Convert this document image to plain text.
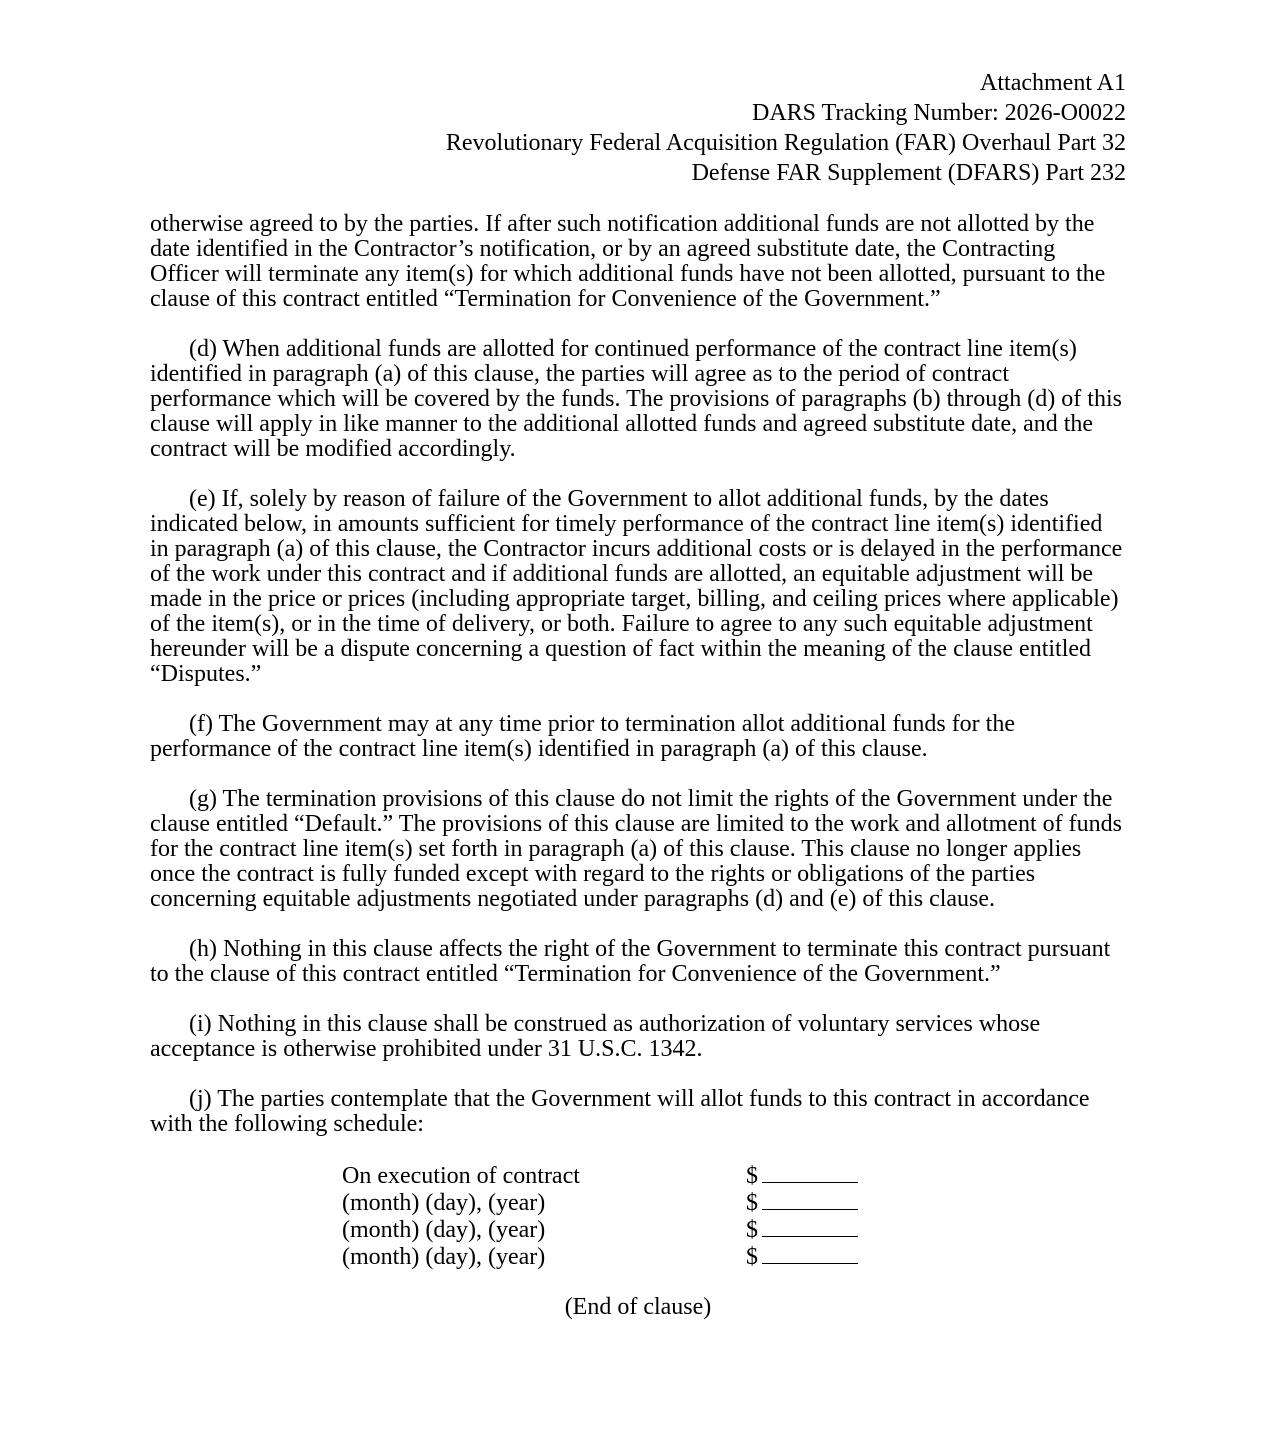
Attachment A1
DARS Tracking Number: 2026-O0022
Revolutionary Federal Acquisition Regulation (FAR) Overhaul Part 32
Defense FAR Supplement (DFARS) Part 232

otherwise agreed to by the parties. If after such notification additional funds are not allotted by the date identified in the Contractor’s notification, or by an agreed substitute date, the Contracting Officer will terminate any item(s) for which additional funds have not been allotted, pursuant to the clause of this contract entitled “Termination for Convenience of the Government.”

(d) When additional funds are allotted for continued performance of the contract line item(s) identified in paragraph (a) of this clause, the parties will agree as to the period of contract performance which will be covered by the funds. The provisions of paragraphs (b) through (d) of this clause will apply in like manner to the additional allotted funds and agreed substitute date, and the contract will be modified accordingly.

(e) If, solely by reason of failure of the Government to allot additional funds, by the dates indicated below, in amounts sufficient for timely performance of the contract line item(s) identified in paragraph (a) of this clause, the Contractor incurs additional costs or is delayed in the performance of the work under this contract and if additional funds are allotted, an equitable adjustment will be made in the price or prices (including appropriate target, billing, and ceiling prices where applicable) of the item(s), or in the time of delivery, or both. Failure to agree to any such equitable adjustment hereunder will be a dispute concerning a question of fact within the meaning of the clause entitled “Disputes.”

(f) The Government may at any time prior to termination allot additional funds for the performance of the contract line item(s) identified in paragraph (a) of this clause.

(g) The termination provisions of this clause do not limit the rights of the Government under the clause entitled “Default.” The provisions of this clause are limited to the work and allotment of funds for the contract line item(s) set forth in paragraph (a) of this clause. This clause no longer applies once the contract is fully funded except with regard to the rights or obligations of the parties concerning equitable adjustments negotiated under paragraphs (d) and (e) of this clause.

(h) Nothing in this clause affects the right of the Government to terminate this contract pursuant to the clause of this contract entitled “Termination for Convenience of the Government.”

(i) Nothing in this clause shall be construed as authorization of voluntary services whose acceptance is otherwise prohibited under 31 U.S.C. 1342.

(j) The parties contemplate that the Government will allot funds to this contract in accordance with the following schedule:

On execution of contract	$
(month) (day), (year)	$
(month) (day), (year)	$
(month) (day), (year)	$
(End of clause)
